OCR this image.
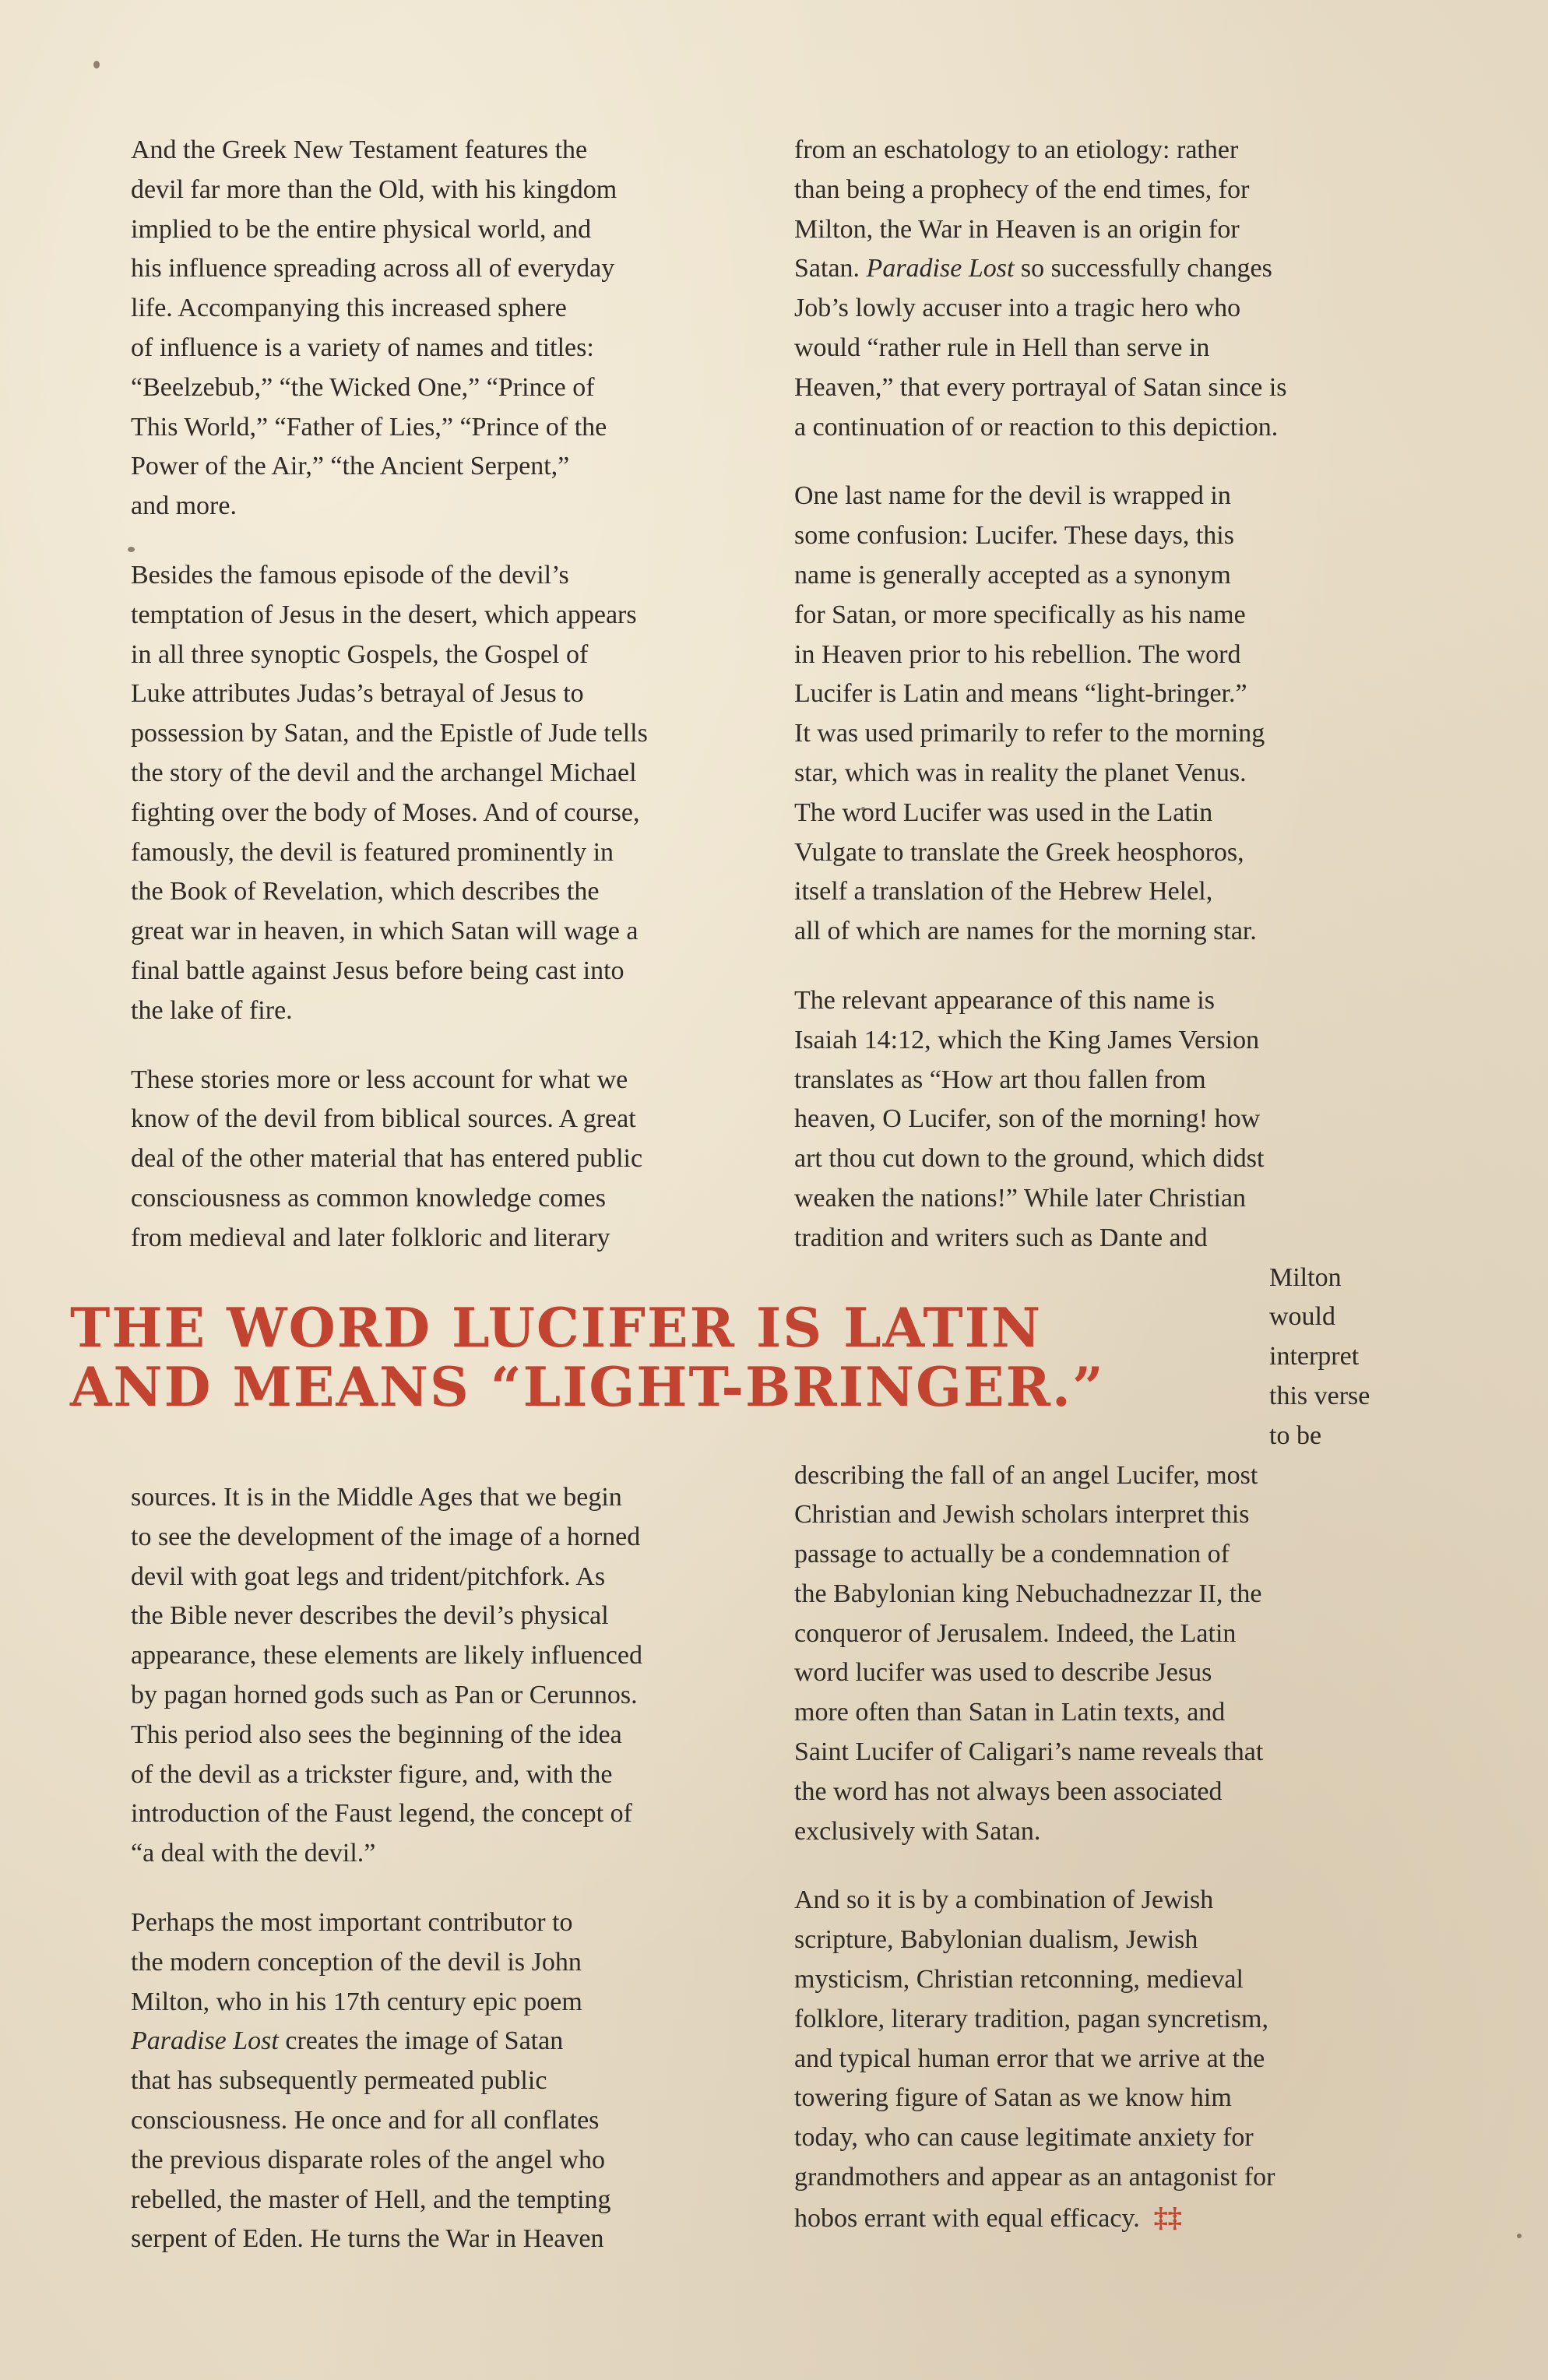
And the Greek New Testament features the
devil far more than the Old, with his kingdom
implied to be the entire physical world, and
his influence spreading across all of everyday
life. Accompanying this increased sphere
of influence is a variety of names and titles:
“Beelzebub,” “the Wicked One,” “Prince of
This World,” “Father of Lies,” “Prince of the
Power of the Air,” “the Ancient Serpent,”
and more.

Besides the famous episode of the devil’s
temptation of Jesus in the desert, which appears
in all three synoptic Gospels, the Gospel of
Luke attributes Judas’s betrayal of Jesus to
possession by Satan, and the Epistle of Jude tells
the story of the devil and the archangel Michael
fighting over the body of Moses. And of course,
famously, the devil is featured prominently in
the Book of Revelation, which describes the
great war in heaven, in which Satan will wage a
final battle against Jesus before being cast into
the lake of fire.

These stories more or less account for what we
know of the devil from biblical sources. A great
deal of the other material that has entered public
consciousness as common knowledge comes
from medieval and later folkloric and literary

THE WORD LUCIFER IS LATIN
AND MEANS “LIGHT-BRINGER.”

sources. It is in the Middle Ages that we begin
to see the development of the image of a horned
devil with goat legs and trident/pitchfork. As
the Bible never describes the devil’s physical
appearance, these elements are likely influenced
by pagan horned gods such as Pan or Cerunnos.
This period also sees the beginning of the idea
of the devil as a trickster figure, and, with the
introduction of the Faust legend, the concept of
“a deal with the devil.”

Perhaps the most important contributor to
the modern conception of the devil is John
Milton, who in his 17th century epic poem
Paradise Lost creates the image of Satan
that has subsequently permeated public
consciousness. He once and for all conflates
the previous disparate roles of the angel who
rebelled, the master of Hell, and the tempting
serpent of Eden. He turns the War in Heaven

from an eschatology to an etiology: rather
than being a prophecy of the end times, for
Milton, the War in Heaven is an origin for
Satan. Paradise Lost so successfully changes
Job’s lowly accuser into a tragic hero who
would “rather rule in Hell than serve in
Heaven,” that every portrayal of Satan since is
a continuation of or reaction to this depiction.

One last name for the devil is wrapped in
some confusion: Lucifer. These days, this
name is generally accepted as a synonym
for Satan, or more specifically as his name
in Heaven prior to his rebellion. The word
Lucifer is Latin and means “light-bringer.”
It was used primarily to refer to the morning
star, which was in reality the planet Venus.
The word Lucifer was used in the Latin
Vulgate to translate the Greek heosphoros,
itself a translation of the Hebrew Helel,
all of which are names for the morning star.

The relevant appearance of this name is
Isaiah 14:12, which the King James Version
translates as “How art thou fallen from
heaven, O Lucifer, son of the morning! how
art thou cut down to the ground, which didst
weaken the nations!” While later Christian
tradition and writers such as Dante and
Milton
would
interpret
this verse
to be
describing the fall of an angel Lucifer, most
Christian and Jewish scholars interpret this
passage to actually be a condemnation of
the Babylonian king Nebuchadnezzar II, the
conqueror of Jerusalem. Indeed, the Latin
word lucifer was used to describe Jesus
more often than Satan in Latin texts, and
Saint Lucifer of Caligari’s name reveals that
the word has not always been associated
exclusively with Satan.

And so it is by a combination of Jewish
scripture, Babylonian dualism, Jewish
mysticism, Christian retconning, medieval
folklore, literary tradition, pagan syncretism,
and typical human error that we arrive at the
towering figure of Satan as we know him
today, who can cause legitimate anxiety for
grandmothers and appear as an antagonist for
hobos errant with equal efficacy. ‡‡
